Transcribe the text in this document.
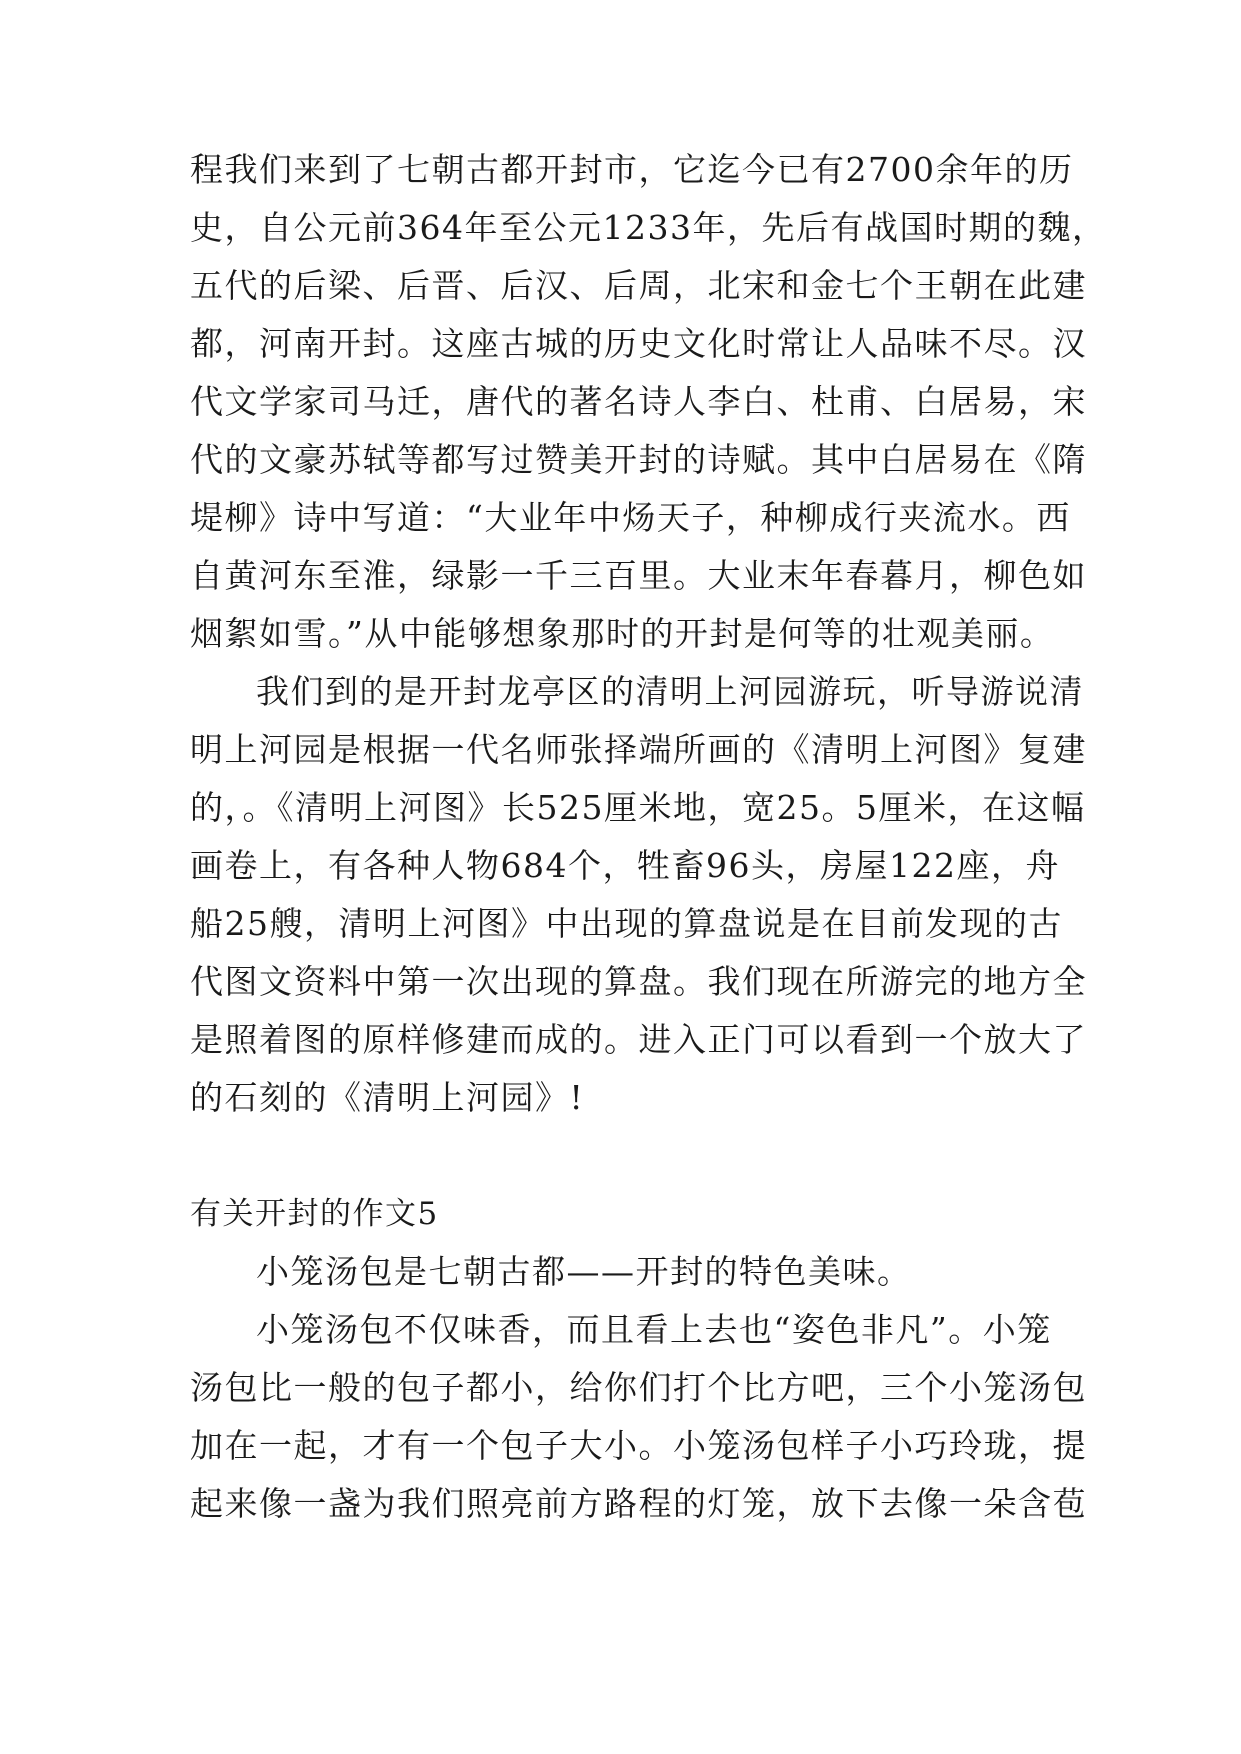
程我们来到了七朝古都开封市，它迄今已有2700余年的历
史，自公元前364年至公元1233年，先后有战国时期的魏，
五代的后梁、后晋、后汉、后周，北宋和金七个王朝在此建
都，河南开封。这座古城的历史文化时常让人品味不尽。汉
代文学家司马迁，唐代的著名诗人李白、杜甫、白居易，宋
代的文豪苏轼等都写过赞美开封的诗赋。其中白居易在《隋
堤柳》诗中写道：“大业年中炀天子，种柳成行夹流水。西
自黄河东至淮，绿影一千三百里。大业末年春暮月，柳色如
烟絮如雪。”从中能够想象那时的开封是何等的壮观美丽。
我们到的是开封龙亭区的清明上河园游玩，听导游说清
明上河园是根据一代名师张择端所画的《清明上河图》复建
的，。《清明上河图》长525厘米地，宽25。5厘米，在这幅
画卷上，有各种人物684个，牲畜96头，房屋122座，舟
船25艘，清明上河图》中出现的算盘说是在目前发现的古
代图文资料中第一次出现的算盘。我们现在所游完的地方全
是照着图的原样修建而成的。进入正门可以看到一个放大了
的石刻的《清明上河园》!
有关开封的作文5
小笼汤包是七朝古都——开封的特色美味。
小笼汤包不仅味香，而且看上去也“姿色非凡”。小笼
汤包比一般的包子都小，给你们打个比方吧，三个小笼汤包
加在一起，才有一个包子大小。小笼汤包样子小巧玲珑，提
起来像一盏为我们照亮前方路程的灯笼，放下去像一朵含苞
